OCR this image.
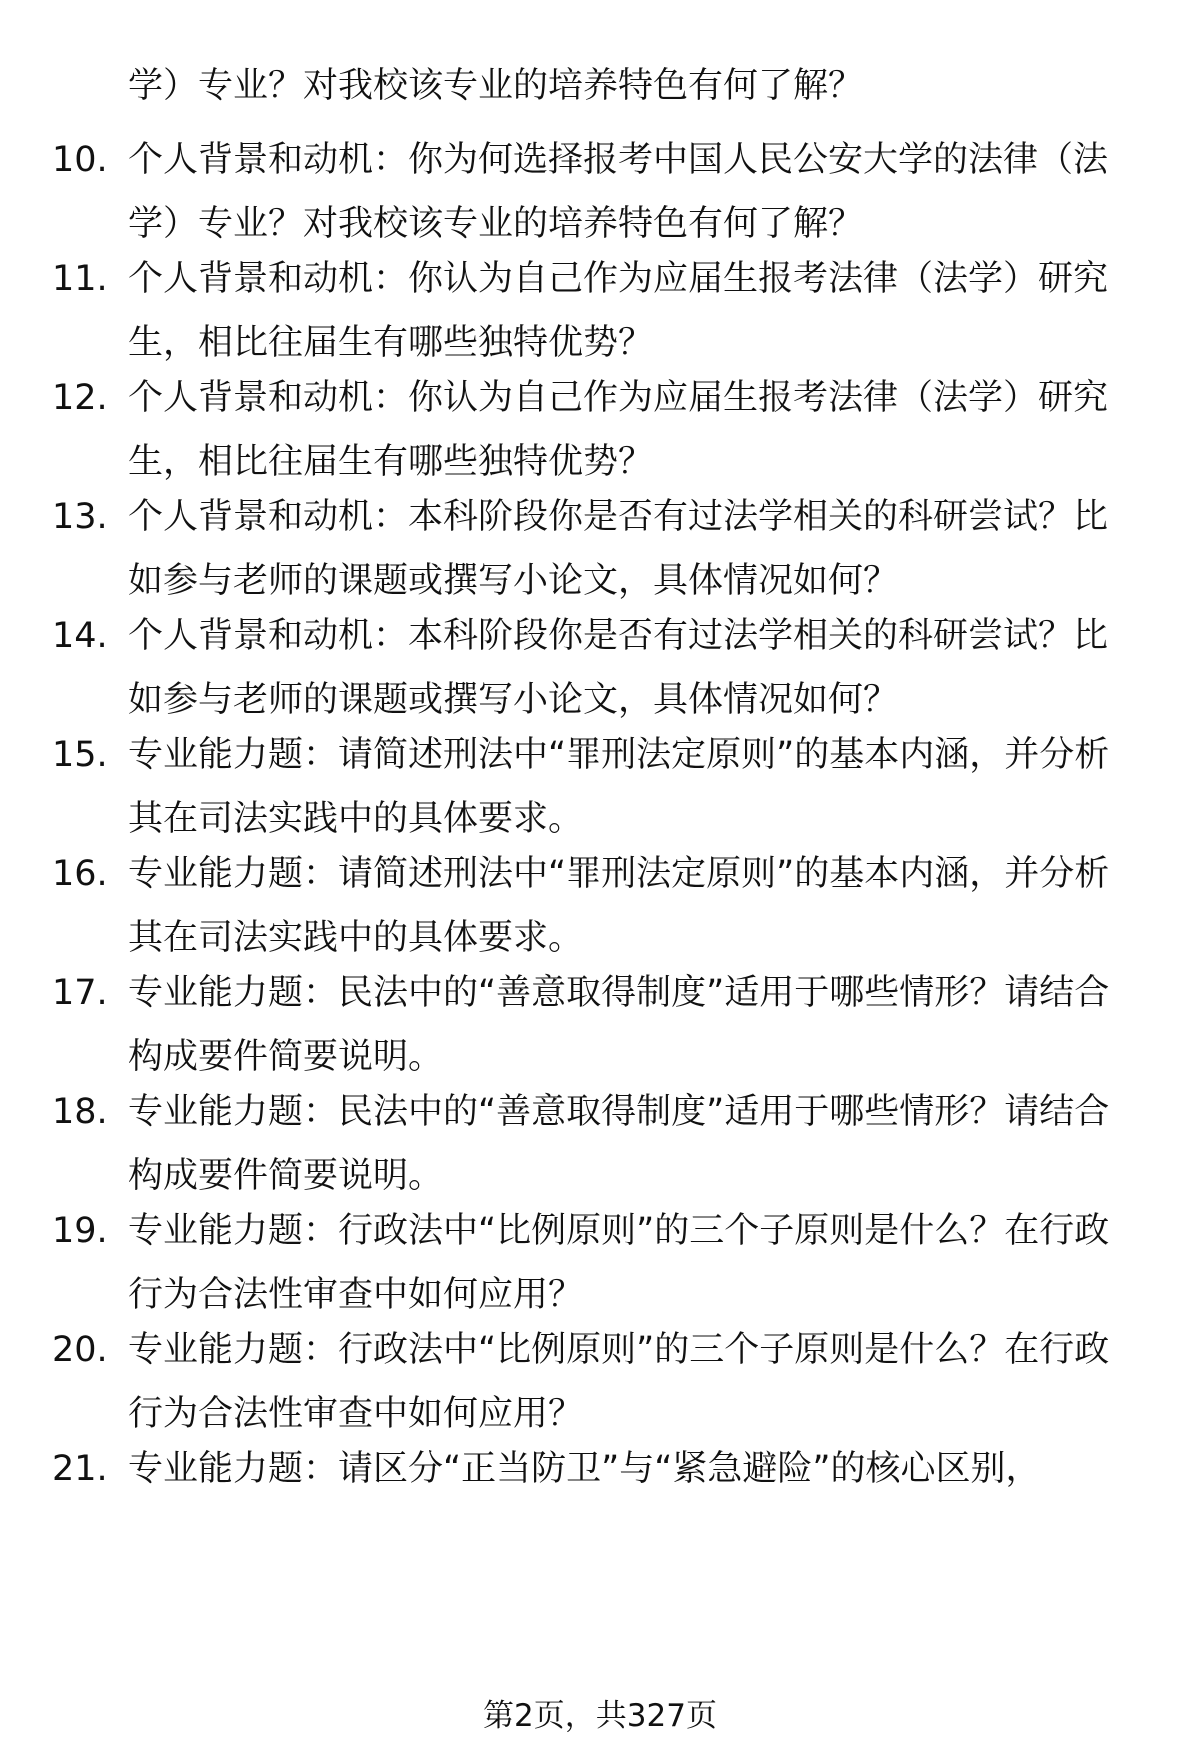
学）专业？对我校该专业的培养特色有何了解？
10. 个人背景和动机：你为何选择报考中国人民公安大学的法律（法学）专业？对我校该专业的培养特色有何了解？
11. 个人背景和动机：你认为自己作为应届生报考法律（法学）研究生，相比往届生有哪些独特优势？
12. 个人背景和动机：你认为自己作为应届生报考法律（法学）研究生，相比往届生有哪些独特优势？
13. 个人背景和动机：本科阶段你是否有过法学相关的科研尝试？比如参与老师的课题或撰写小论文，具体情况如何？
14. 个人背景和动机：本科阶段你是否有过法学相关的科研尝试？比如参与老师的课题或撰写小论文，具体情况如何？
15. 专业能力题：请简述刑法中“罪刑法定原则”的基本内涵，并分析其在司法实践中的具体要求。
16. 专业能力题：请简述刑法中“罪刑法定原则”的基本内涵，并分析其在司法实践中的具体要求。
17. 专业能力题：民法中的“善意取得制度”适用于哪些情形？请结合构成要件简要说明。
18. 专业能力题：民法中的“善意取得制度”适用于哪些情形？请结合构成要件简要说明。
19. 专业能力题：行政法中“比例原则”的三个子原则是什么？在行政行为合法性审查中如何应用？
20. 专业能力题：行政法中“比例原则”的三个子原则是什么？在行政行为合法性审查中如何应用？
21. 专业能力题：请区分“正当防卫”与“紧急避险”的核心区别，
第2页，共327页
